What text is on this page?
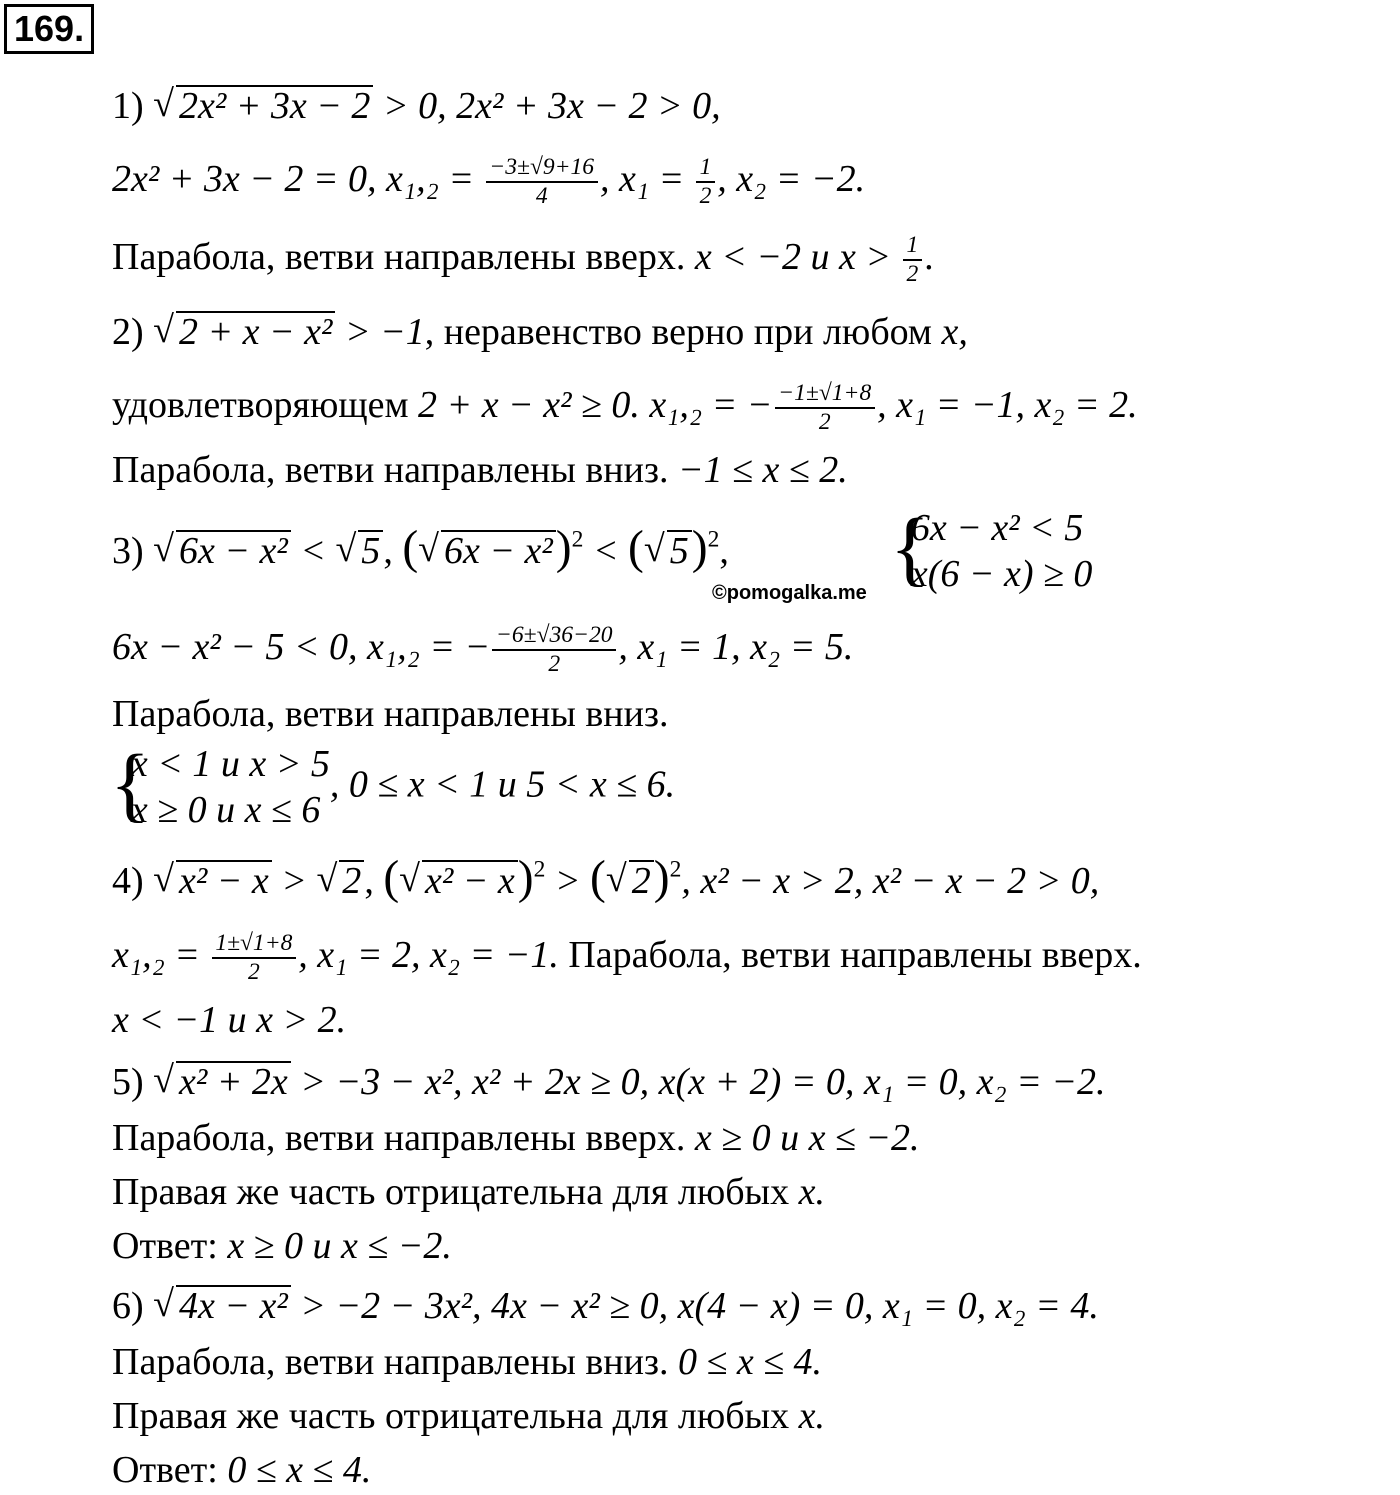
169.
1) √ 2x² + 3x − 2 > 0, 2x² + 3x − 2 > 0,
2x² + 3x − 2 = 0, $x_1,_2 = \frac{-3\pm√9+16}{4}$ , $x_1 = \frac{1}{2}$ , x₂ = −2.
Парабола, ветви направлены вверх. x < −2 и $x > \frac{1}{2}$ .
2) √ 2 + x − x² > −1, неравенство верно при любом x,
удовлетворяющем 2 + x − x² ≥ 0. x₁,₂ = − $\frac{-1\pm√1+8}{2}$ , x₁ = −1, x₂ = 2.
Парабола, ветви направлены вниз. −1 ≤ x ≤ 2.
3) √ 6x − x² < √ 5, ( √ 6x − x²)$^2$ < ( √ 5)$^2$,
{ 6x − x² < 5
x(6 − x) ≥ 0
©pomogalka.me
6x − x² − 5 < 0, x₁,₂ = − $\frac{-6\pm√36-20}{2}$ , x₁ = 1, x₂ = 5.
Парабола, ветви направлены вниз.
{ x < 1 и x > 5
x ≥ 0 и x ≤ 6
, 0 ≤ x < 1 и 5 < x ≤ 6.
4) √ x² − x > √ 2, ( √ x² − x)$^2$ > ( √ 2)$^2$, x² − x > 2, x² − x − 2 > 0,
$x_1,_2 = \frac{1\pm√1+8}{2}$ , x₁ = 2, x₂ = −1. Парабола, ветви направлены вверх.
x < −1 и x > 2.
5) √ x² + 2x > −3 − x², x² + 2x ≥ 0, x(x + 2) = 0, x₁ = 0, x₂ = −2.
Парабола, ветви направлены вверх. x ≥ 0 и x ≤ −2.
Правая же часть отрицательна для любых x.
Ответ: x ≥ 0 и x ≤ −2.
6) √ 4x − x² > −2 − 3x², 4x − x² ≥ 0, x(4 − x) = 0, x₁ = 0, x₂ = 4.
Парабола, ветви направлены вниз. 0 ≤ x ≤ 4.
Правая же часть отрицательна для любых x.
Ответ: 0 ≤ x ≤ 4.
